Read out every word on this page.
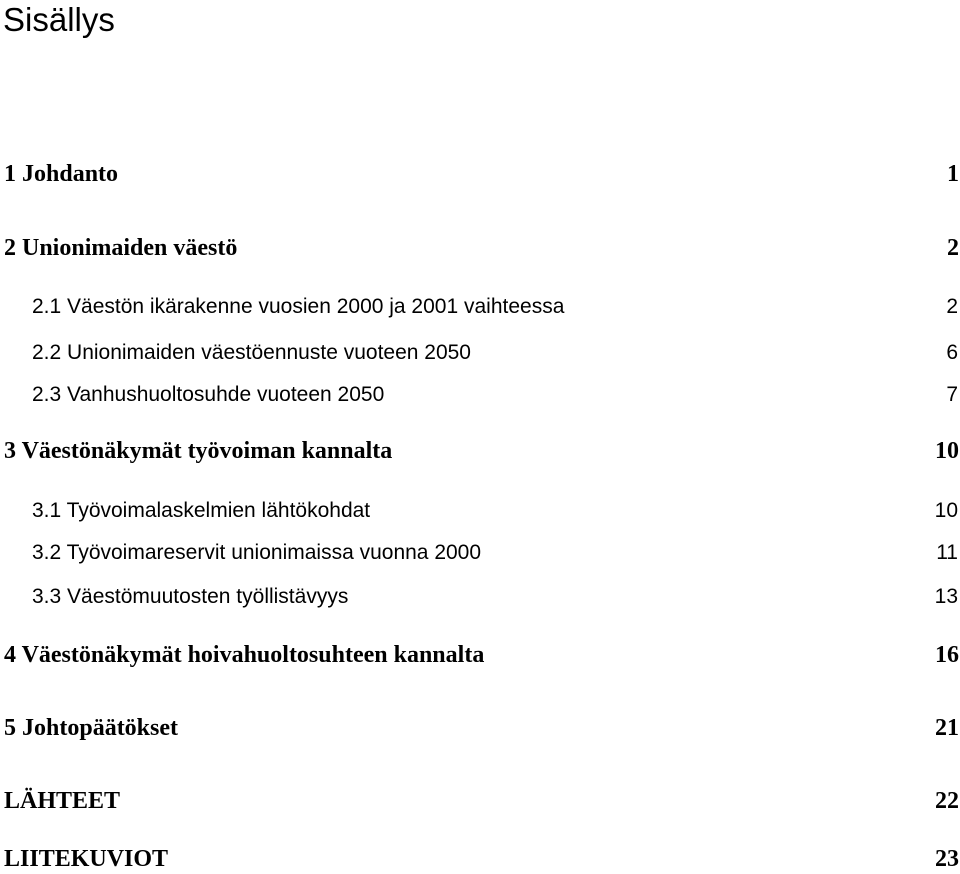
Sisällys
1 Johdanto	1
2 Unionimaiden väestö	2
2.1 Väestön ikärakenne vuosien 2000 ja 2001 vaihteessa	2
2.2 Unionimaiden väestöennuste vuoteen 2050	6
2.3 Vanhushuoltosuhde vuoteen 2050	7
3 Väestönäkymät työvoiman kannalta	10
3.1 Työvoimalaskelmien lähtökohdat	10
3.2 Työvoimareservit unionimaissa vuonna 2000	11
3.3 Väestömuutosten työllistävyys	13
4 Väestönäkymät hoivahuoltosuhteen kannalta	16
5 Johtopäätökset	21
LÄHTEET	22
LIITEKUVIOT	23
